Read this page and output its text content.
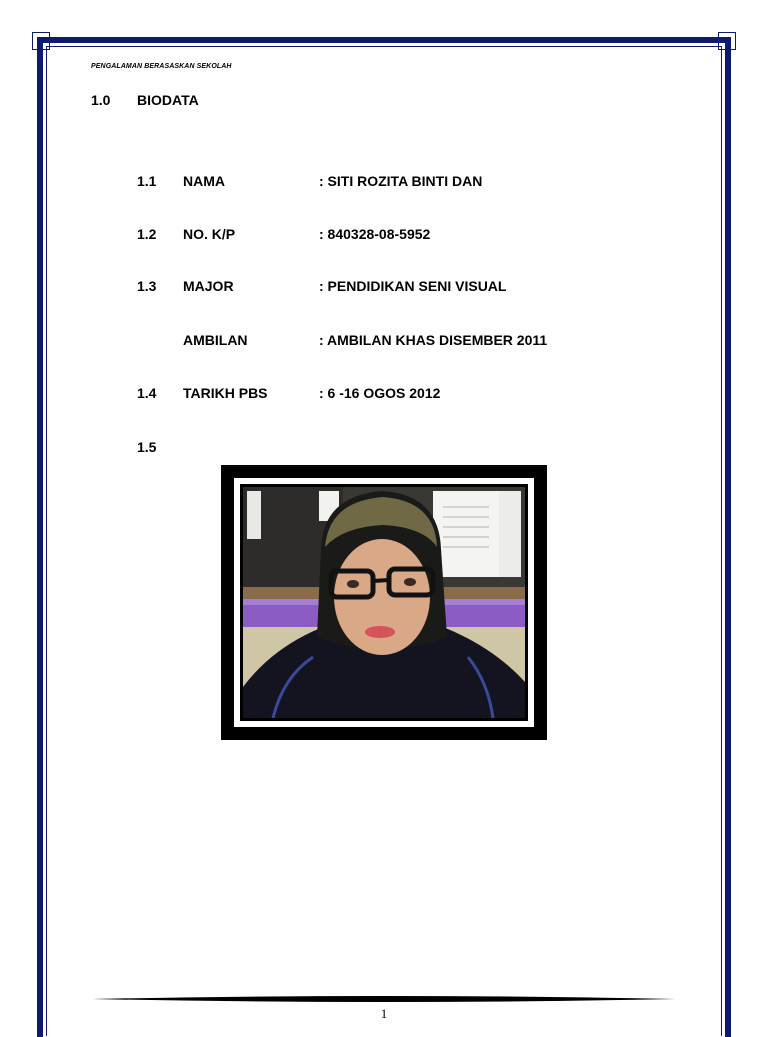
PENGALAMAN BERASASKAN SEKOLAH
1.0 BIODATA
1.1 NAMA	: SITI ROZITA BINTI DAN
1.2 NO. K/P	: 840328-08-5952
1.3 MAJOR	: PENDIDIKAN SENI VISUAL
AMBILAN	: AMBILAN KHAS DISEMBER 2011
1.4 TARIKH PBS	: 6 -16 OGOS 2012
1.5
1
